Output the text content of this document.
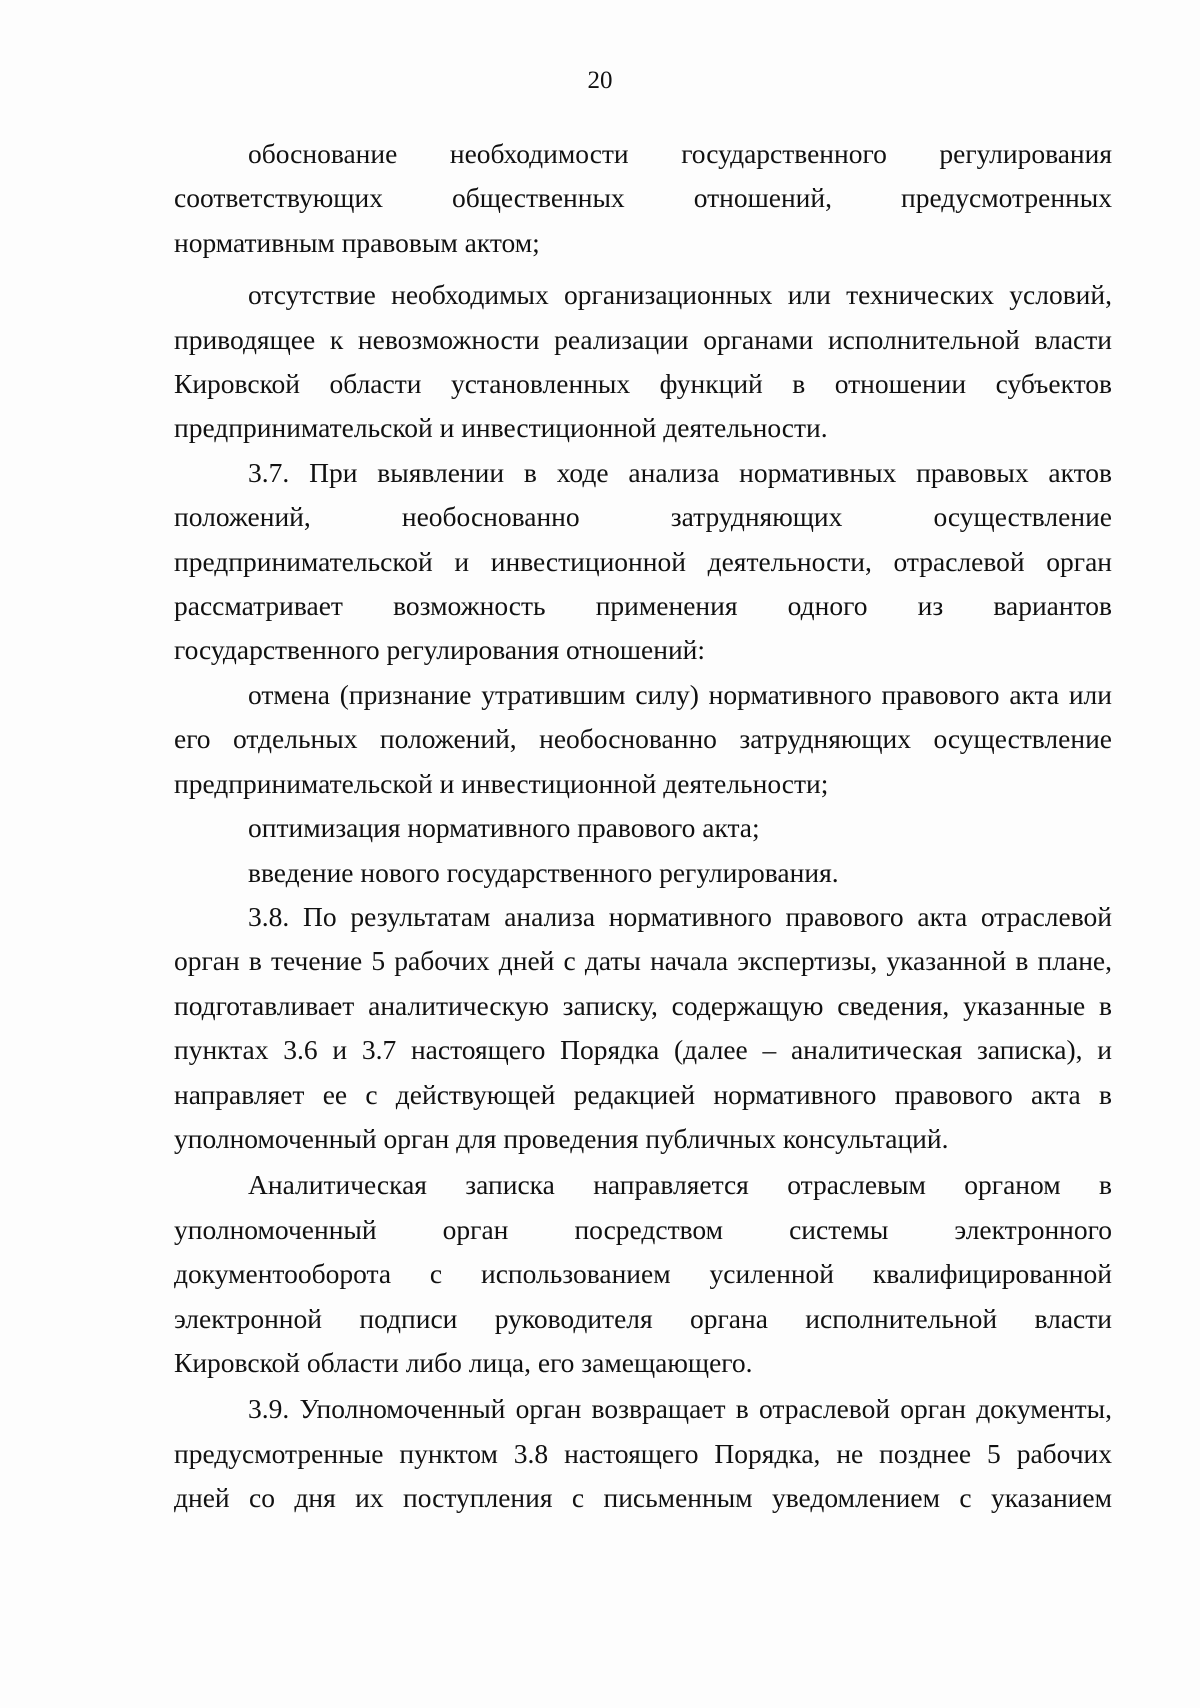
20
обоснование необходимости государственного регулирования
соответствующих общественных отношений, предусмотренных
нормативным правовым актом;
отсутствие необходимых организационных или технических условий,
приводящее к невозможности реализации органами исполнительной власти
Кировской области установленных функций в отношении субъектов
предпринимательской и инвестиционной деятельности.
3.7. При выявлении в ходе анализа нормативных правовых актов
положений, необоснованно затрудняющих осуществление
предпринимательской и инвестиционной деятельности, отраслевой орган
рассматривает возможность применения одного из вариантов
государственного регулирования отношений:
отмена (признание утратившим силу) нормативного правового акта или
его отдельных положений, необоснованно затрудняющих осуществление
предпринимательской и инвестиционной деятельности;
оптимизация нормативного правового акта;
введение нового государственного регулирования.
3.8. По результатам анализа нормативного правового акта отраслевой
орган в течение 5 рабочих дней с даты начала экспертизы, указанной в плане,
подготавливает аналитическую записку, содержащую сведения, указанные в
пунктах 3.6 и 3.7 настоящего Порядка (далее – аналитическая записка), и
направляет ее с действующей редакцией нормативного правового акта в
уполномоченный орган для проведения публичных консультаций.
Аналитическая записка направляется отраслевым органом в
уполномоченный орган посредством системы электронного
документооборота с использованием усиленной квалифицированной
электронной подписи руководителя органа исполнительной власти
Кировской области либо лица, его замещающего.
3.9. Уполномоченный орган возвращает в отраслевой орган документы,
предусмотренные пунктом 3.8 настоящего Порядка, не позднее 5 рабочих
дней со дня их поступления с письменным уведомлением с указанием
